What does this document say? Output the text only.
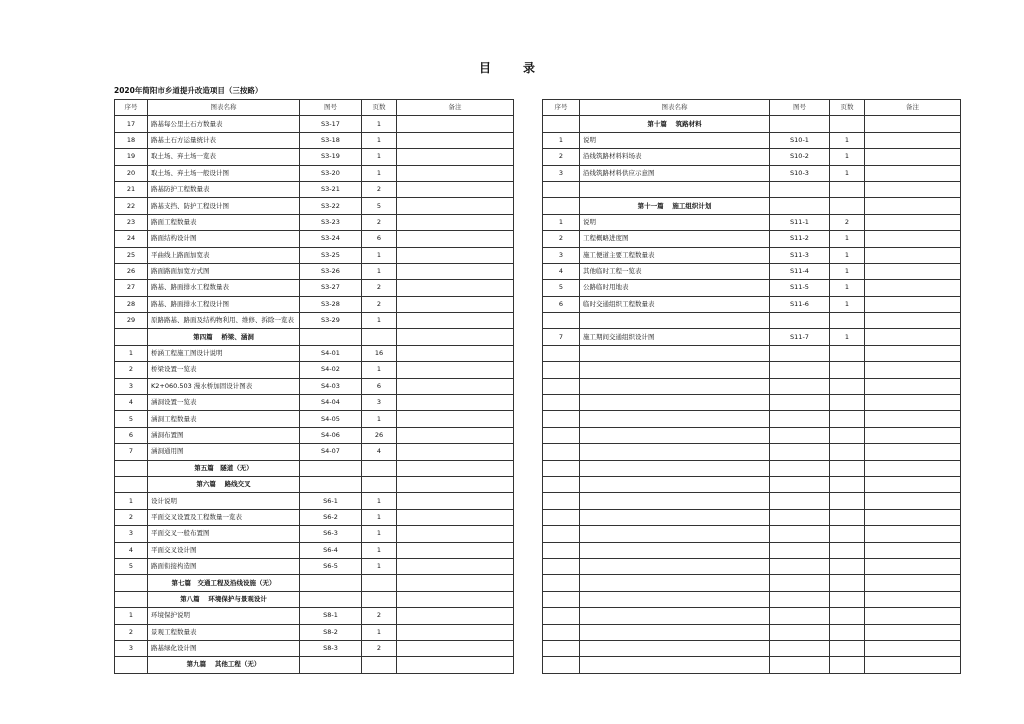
目　录
2020年简阳市乡道提升改造项目（三按路）
序号	图表名称	图号	页数	备注
17	路基每公里土石方数量表	S3-17	1	
18	路基土石方运量统计表	S3-18	1	
19	取土场、弃土场一览表	S3-19	1	
20	取土场、弃土场一般设计图	S3-20	1	
21	路基防护工程数量表	S3-21	2	
22	路基支挡、防护工程设计图	S3-22	5	
23	路面工程数量表	S3-23	2	
24	路面结构设计图	S3-24	6	
25	平曲线上路面加宽表	S3-25	1	
26	路面路面加宽方式图	S3-26	1	
27	路基、路面排水工程数量表	S3-27	2	
28	路基、路面排水工程设计图	S3-28	2	
29	原路路基、路面及结构物利用、维修、拆除一览表	S3-29	1	
	第四篇　 桥梁、涵洞			
1	桥涵工程施工图设计说明	S4-01	16	
2	桥梁设置一览表	S4-02	1	
3	K2+060.503 漫水桥加固设计图表	S4-03	6	
4	涵洞设置一览表	S4-04	3	
5	涵洞工程数量表	S4-05	1	
6	涵洞布置图	S4-06	26	
7	涵洞通用图	S4-07	4	
	第五篇　隧道（无）			
	第六篇　 路线交叉			
1	设计说明	S6-1	1	
2	平面交叉设置及工程数量一览表	S6-2	1	
3	平面交叉一般布置图	S6-3	1	
4	平面交叉设计图	S6-4	1	
5	路面衔接构造图	S6-5	1	
	第七篇　交通工程及沿线设施（无）			
	第八篇　 环境保护与景观设计			
1	环境保护说明	S8-1	2	
2	景观工程数量表	S8-2	1	
3	路基绿化设计图	S8-3	2	
	第九篇　 其他工程（无）			
序号	图表名称	图号	页数	备注
	第十篇　 筑路材料			
1	说明	S10-1	1	
2	沿线筑路材料料场表	S10-2	1	
3	沿线筑路材料供应示意图	S10-3	1	

	第十一篇　 施工组织计划			
1	说明	S11-1	2	
2	工程概略进度图	S11-2	1	
3	施工便道主要工程数量表	S11-3	1	
4	其他临时工程一览表	S11-4	1	
5	公路临时用地表	S11-5	1	
6	临时交通组织工程数量表	S11-6	1	

7	施工期间交通组织设计图	S11-7	1	
